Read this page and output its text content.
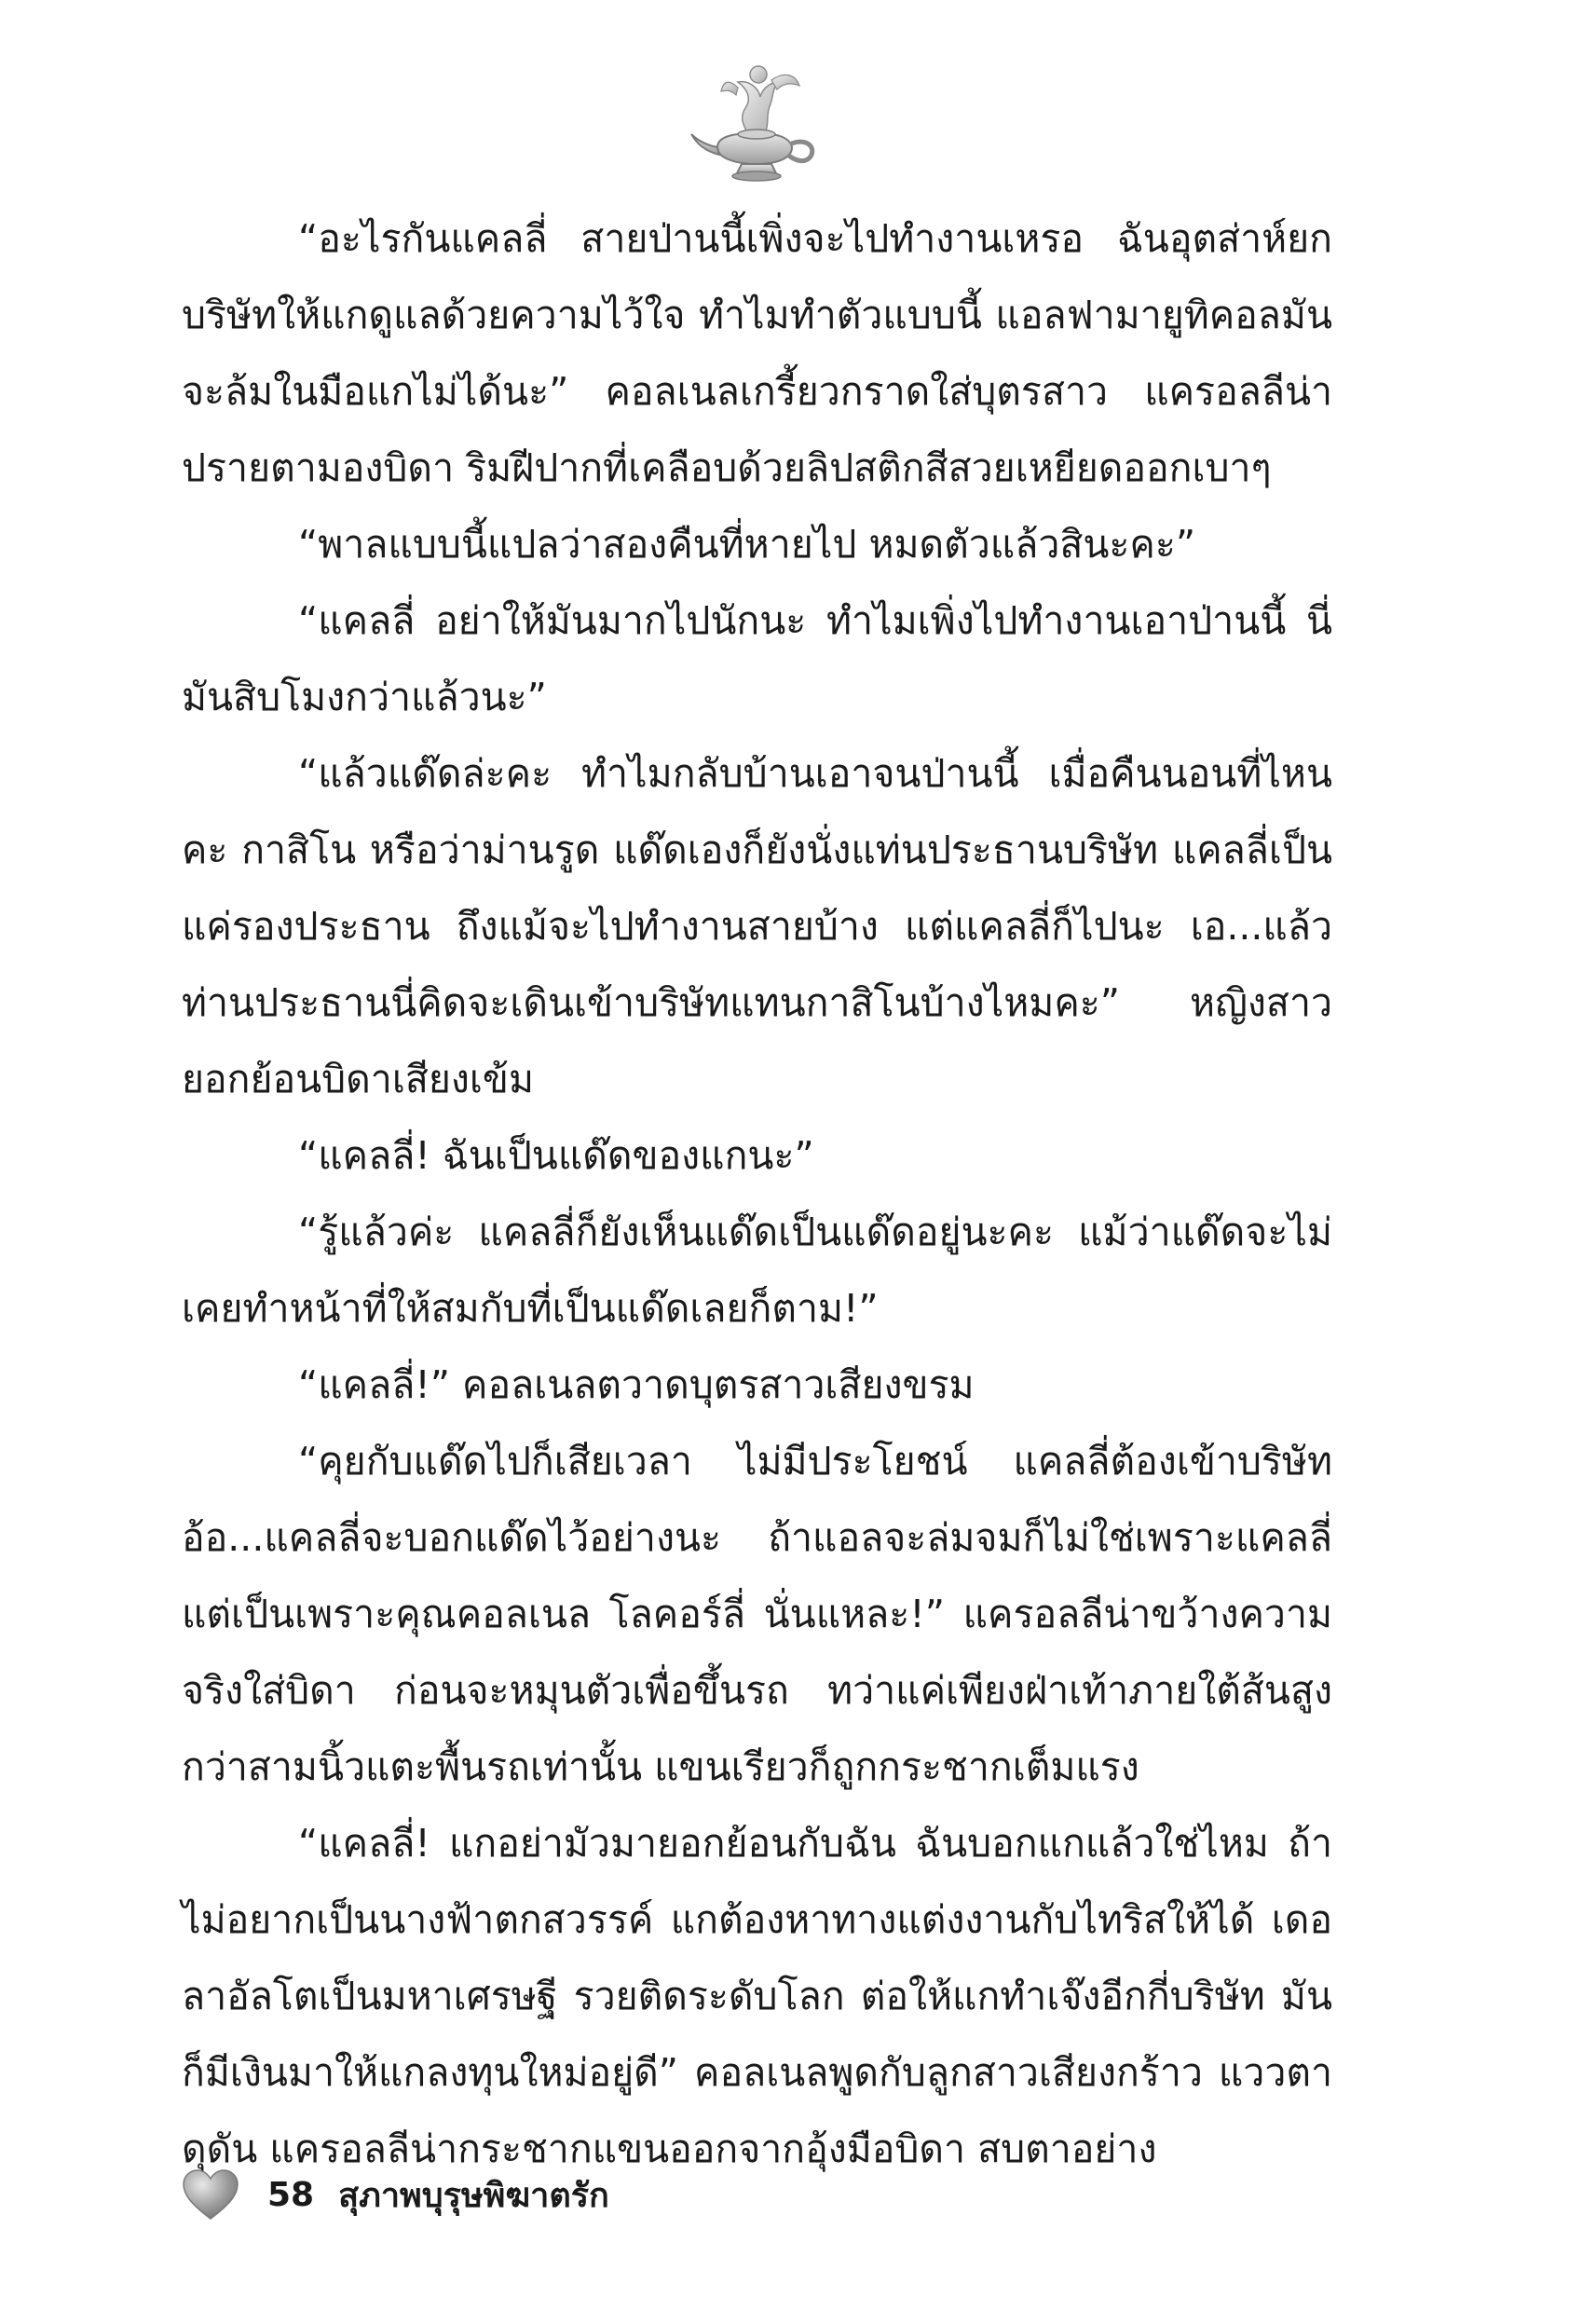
“อะไรกันแคลลี่ สายป่านนี้เพิ่งจะไปทำงานเหรอ ฉันอุตส่าห์ยกบริษัทให้แกดูแลด้วยความไว้ใจ ทำไมทำตัวแบบนี้ แอลฟามายูทิคอลมันจะล้มในมือแกไม่ได้นะ” คอลเนลเกรี้ยวกราดใส่บุตรสาว แครอลลีน่าปรายตามองบิดา ริมฝีปากที่เคลือบด้วยลิปสติกสีสวยเหยียดออกเบาๆ

“พาลแบบนี้แปลว่าสองคืนที่หายไป หมดตัวแล้วสินะคะ”

“แคลลี่ อย่าให้มันมากไปนักนะ ทำไมเพิ่งไปทำงานเอาป่านนี้ นี่มันสิบโมงกว่าแล้วนะ”

“แล้วแด๊ดล่ะคะ ทำไมกลับบ้านเอาจนป่านนี้ เมื่อคืนนอนที่ไหนคะ กาสิโน หรือว่าม่านรูด แด๊ดเองก็ยังนั่งแท่นประธานบริษัท แคลลี่เป็นแค่รองประธาน ถึงแม้จะไปทำงานสายบ้าง แต่แคลลี่ก็ไปนะ เอ...แล้วท่านประธานนี่คิดจะเดินเข้าบริษัทแทนกาสิโนบ้างไหมคะ” หญิงสาวยอกย้อนบิดาเสียงเข้ม

“แคลลี่! ฉันเป็นแด๊ดของแกนะ”

“รู้แล้วค่ะ แคลลี่ก็ยังเห็นแด๊ดเป็นแด๊ดอยู่นะคะ แม้ว่าแด๊ดจะไม่เคยทำหน้าที่ให้สมกับที่เป็นแด๊ดเลยก็ตาม!”

“แคลลี่!” คอลเนลตวาดบุตรสาวเสียงขรม

“คุยกับแด๊ดไปก็เสียเวลา ไม่มีประโยชน์ แคลลี่ต้องเข้าบริษัท อ้อ...แคลลี่จะบอกแด๊ดไว้อย่างนะ ถ้าแอลจะล่มจมก็ไม่ใช่เพราะแคลลี่ แต่เป็นเพราะคุณคอลเนล โลคอร์ลี่ นั่นแหละ!” แครอลลีน่าขว้างความจริงใส่บิดา ก่อนจะหมุนตัวเพื่อขึ้นรถ ทว่าแค่เพียงฝ่าเท้าภายใต้ส้นสูงกว่าสามนิ้วแตะพื้นรถเท่านั้น แขนเรียวก็ถูกกระชากเต็มแรง

“แคลลี่! แกอย่ามัวมายอกย้อนกับฉัน ฉันบอกแกแล้วใช่ไหม ถ้าไม่อยากเป็นนางฟ้าตกสวรรค์ แกต้องหาทางแต่งงานกับไทริสให้ได้ เดอลาอัลโตเป็นมหาเศรษฐี รวยติดระดับโลก ต่อให้แกทำเจ๊งอีกกี่บริษัท มันก็มีเงินมาให้แกลงทุนใหม่อยู่ดี” คอลเนลพูดกับลูกสาวเสียงกร้าว แววตาดุดัน แครอลลีน่ากระชากแขนออกจากอุ้งมือบิดา สบตาอย่าง

58 สุภาพบุรุษพิฆาตรัก
